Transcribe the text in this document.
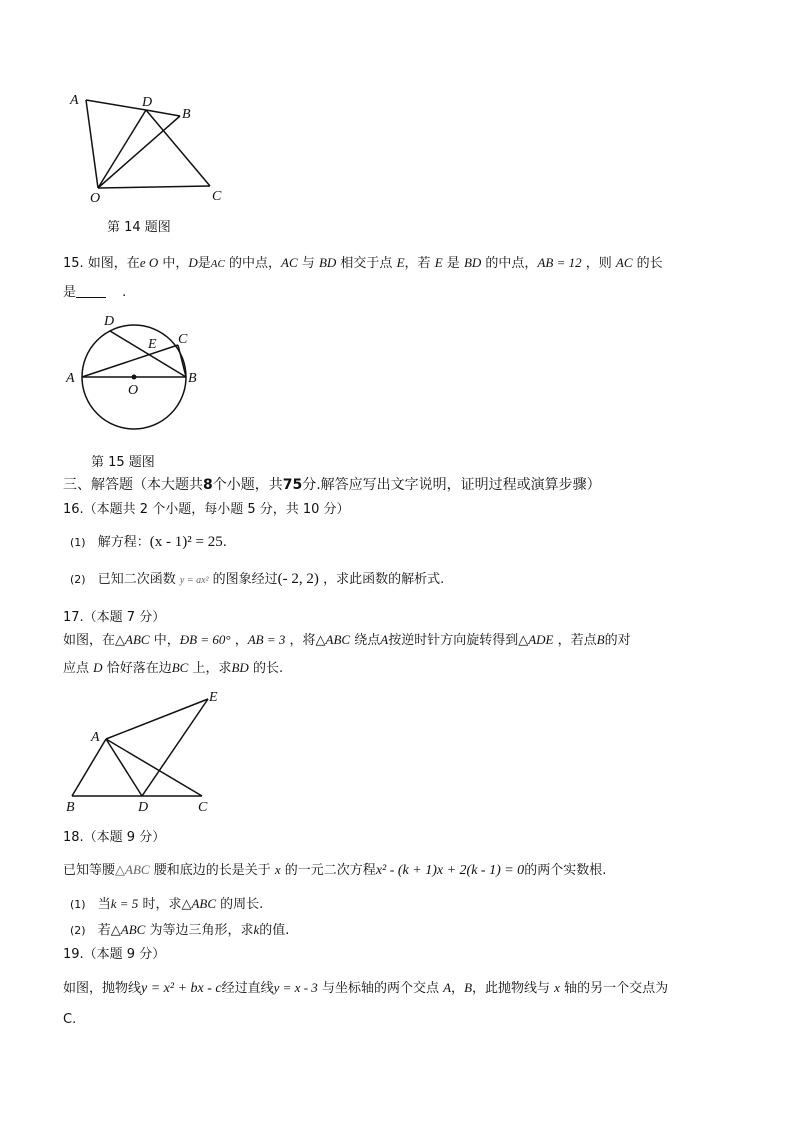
A	D
B
O	C
第 14 题图
15. 如图，在e O 中，D是AC 的中点，AC 与 BD 相交于点 E，若 E 是 BD 的中点，AB = 12 ，则 AC 的长
是	.
D
C
E
A
O
B
第 15 题图
三、解答题（本大题共8个小题，共75分.解答应写出文字说明，证明过程或演算步骤）
16.（本题共 2 个小题，每小题 5 分，共 10 分）
(1) 解方程：(x - 1)² = 25.
(2) 已知二次函数 y = ax² 的图象经过(- 2, 2) ，求此函数的解析式.
17.（本题 7 分）
如图，在△ABC 中，ÐB = 60° ，AB = 3 ，将△ABC 绕点A按逆时针方向旋转得到△ADE ，若点B的对
应点 D 恰好落在边BC 上，求BD 的长.
E
A
B	D	C
18.（本题 9 分）
已知等腰△ABC 腰和底边的长是关于 x 的一元二次方程x² - (k + 1)x + 2(k - 1) = 0的两个实数根.
(1) 当k = 5 时，求△ABC 的周长.
(2) 若△ABC 为等边三角形，求k的值.
19.（本题 9 分）
如图，抛物线y = x² + bx - c经过直线y = x - 3 与坐标轴的两个交点 A，B，此抛物线与 x 轴的另一个交点为
C.
